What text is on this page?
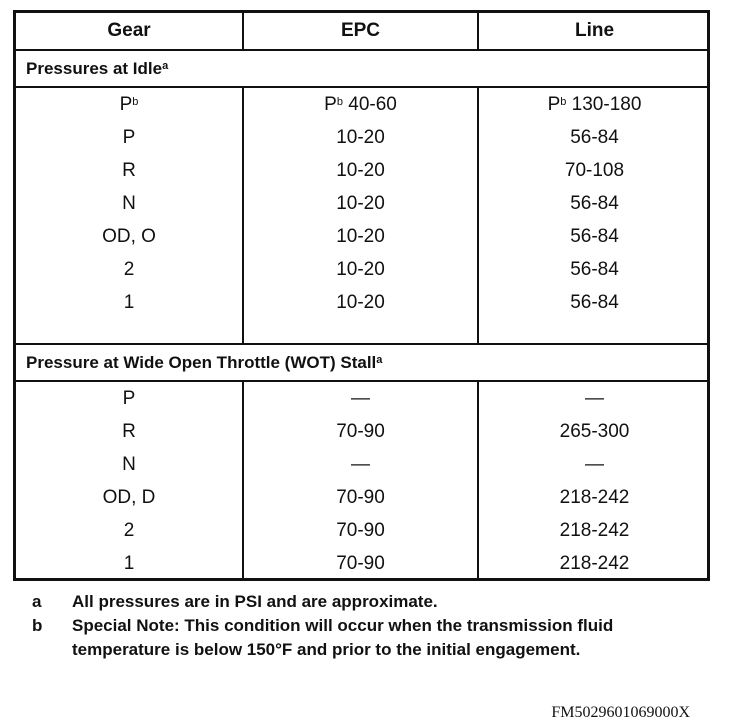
Gear	EPC	Line
Pressures at Idle$^a$
$P^b$	$P^b$ 40-60	$P^b$ 130-180
P	10-20	56-84
R	10-20	70-108
N	10-20	56-84
OD, O	10-20	56-84
2	10-20	56-84
1	10-20	56-84
Pressure at Wide Open Throttle (WOT) Stall$^a$
P	—	—
R	70-90	265-300
N	—	—
OD, D	70-90	218-242
2	70-90	218-242
1	70-90	218-242
a All pressures are in PSI and are approximate.
b Special Note: This condition will occur when the transmission fluid temperature is below 150°F and prior to the initial engagement.
FM5029601069000X
